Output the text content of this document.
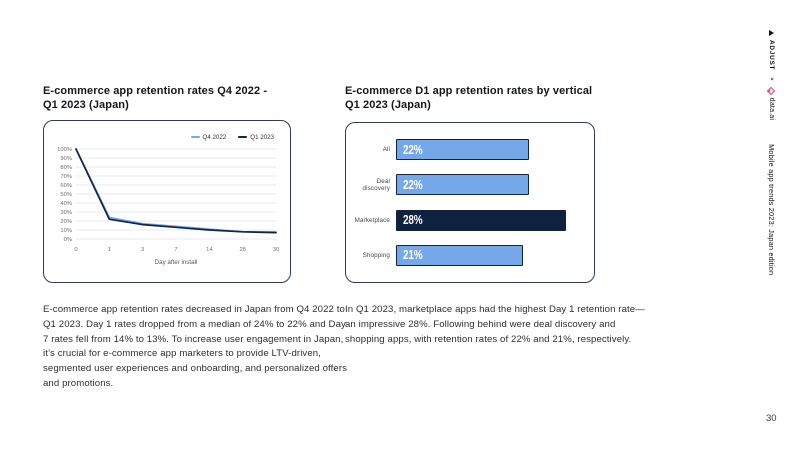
E-commerce app retention rates Q4 2022 -
Q1 2023 (Japan)
Q4 2022	Q1 2023
0%
10%
20%
30%
40%
50%
60%
70%
80%
90%
100%
0	1	3	7	14	28	30
Day after install
E-commerce app retention rates decreased in Japan from Q4 2022 to Q1 2023. Day 1 rates dropped from a median of 24% to 22% and Day 7 rates fell from 14% to 13%. To increase user engagement in Japan, it’s crucial for e-commerce app marketers to provide LTV-driven, segmented user experiences and onboarding, and personalized offers and promotions.
E-commerce D1 app retention rates by vertical
Q1 2023 (Japan)
All	22%
Deal discovery	22%
Marketplace	28%
Shopping	21%
In Q1 2023, marketplace apps had the highest Day 1 retention rate—an impressive 28%. Following behind were deal discovery and shopping apps, with retention rates of 22% and 21%, respectively.
ADJUST
×
data.ai
Mobile app trends 2023: Japan edition
30
